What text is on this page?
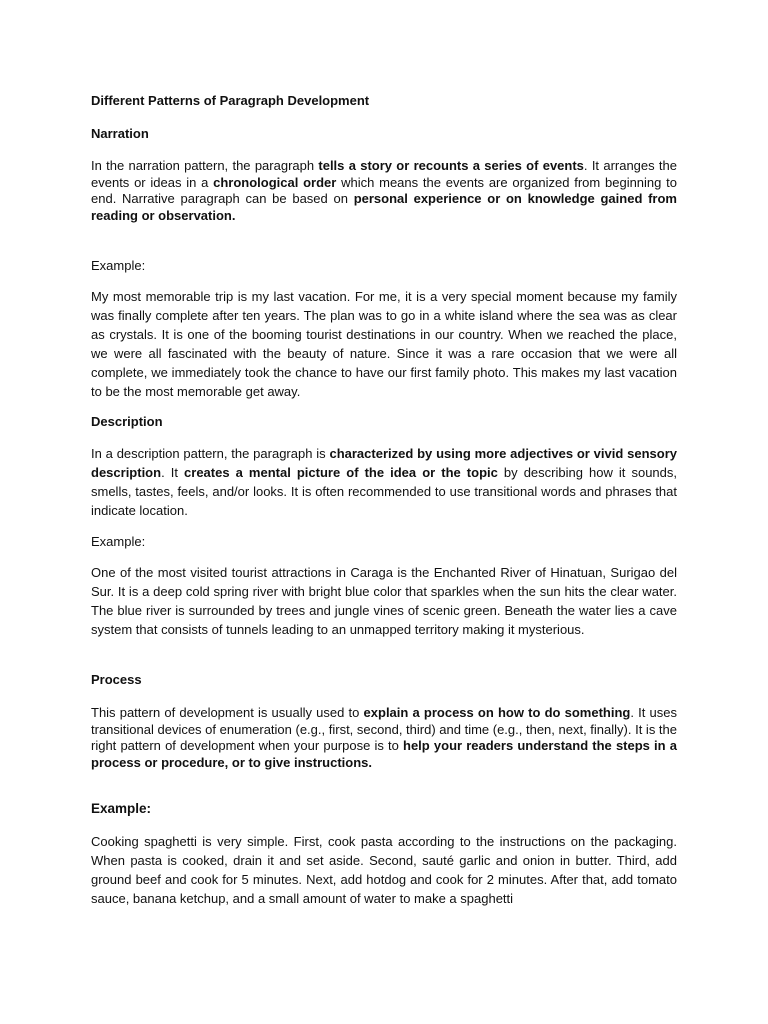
Different Patterns of Paragraph Development

Narration

In the narration pattern, the paragraph tells a story or recounts a series of events. It arranges the events or ideas in a chronological order which means the events are organized from beginning to end. Narrative paragraph can be based on personal experience or on knowledge gained from reading or observation.

Example:

My most memorable trip is my last vacation. For me, it is a very special moment because my family was finally complete after ten years. The plan was to go in a white island where the sea was as clear as crystals. It is one of the booming tourist destinations in our country. When we reached the place, we were all fascinated with the beauty of nature. Since it was a rare occasion that we were all complete, we immediately took the chance to have our first family photo. This makes my last vacation to be the most memorable get away.

Description

In a description pattern, the paragraph is characterized by using more adjectives or vivid sensory description. It creates a mental picture of the idea or the topic by describing how it sounds, smells, tastes, feels, and/or looks. It is often recommended to use transitional words and phrases that indicate location.

Example:

One of the most visited tourist attractions in Caraga is the Enchanted River of Hinatuan, Surigao del Sur. It is a deep cold spring river with bright blue color that sparkles when the sun hits the clear water. The blue river is surrounded by trees and jungle vines of scenic green. Beneath the water lies a cave system that consists of tunnels leading to an unmapped territory making it mysterious.

Process

This pattern of development is usually used to explain a process on how to do something. It uses transitional devices of enumeration (e.g., first, second, third) and time (e.g., then, next, finally). It is the right pattern of development when your purpose is to help your readers understand the steps in a process or procedure, or to give instructions.

Example:

Cooking spaghetti is very simple. First, cook pasta according to the instructions on the packaging. When pasta is cooked, drain it and set aside. Second, sauté garlic and onion in butter. Third, add ground beef and cook for 5 minutes. Next, add hotdog and cook for 2 minutes. After that, add tomato sauce, banana ketchup, and a small amount of water to make a spaghetti
